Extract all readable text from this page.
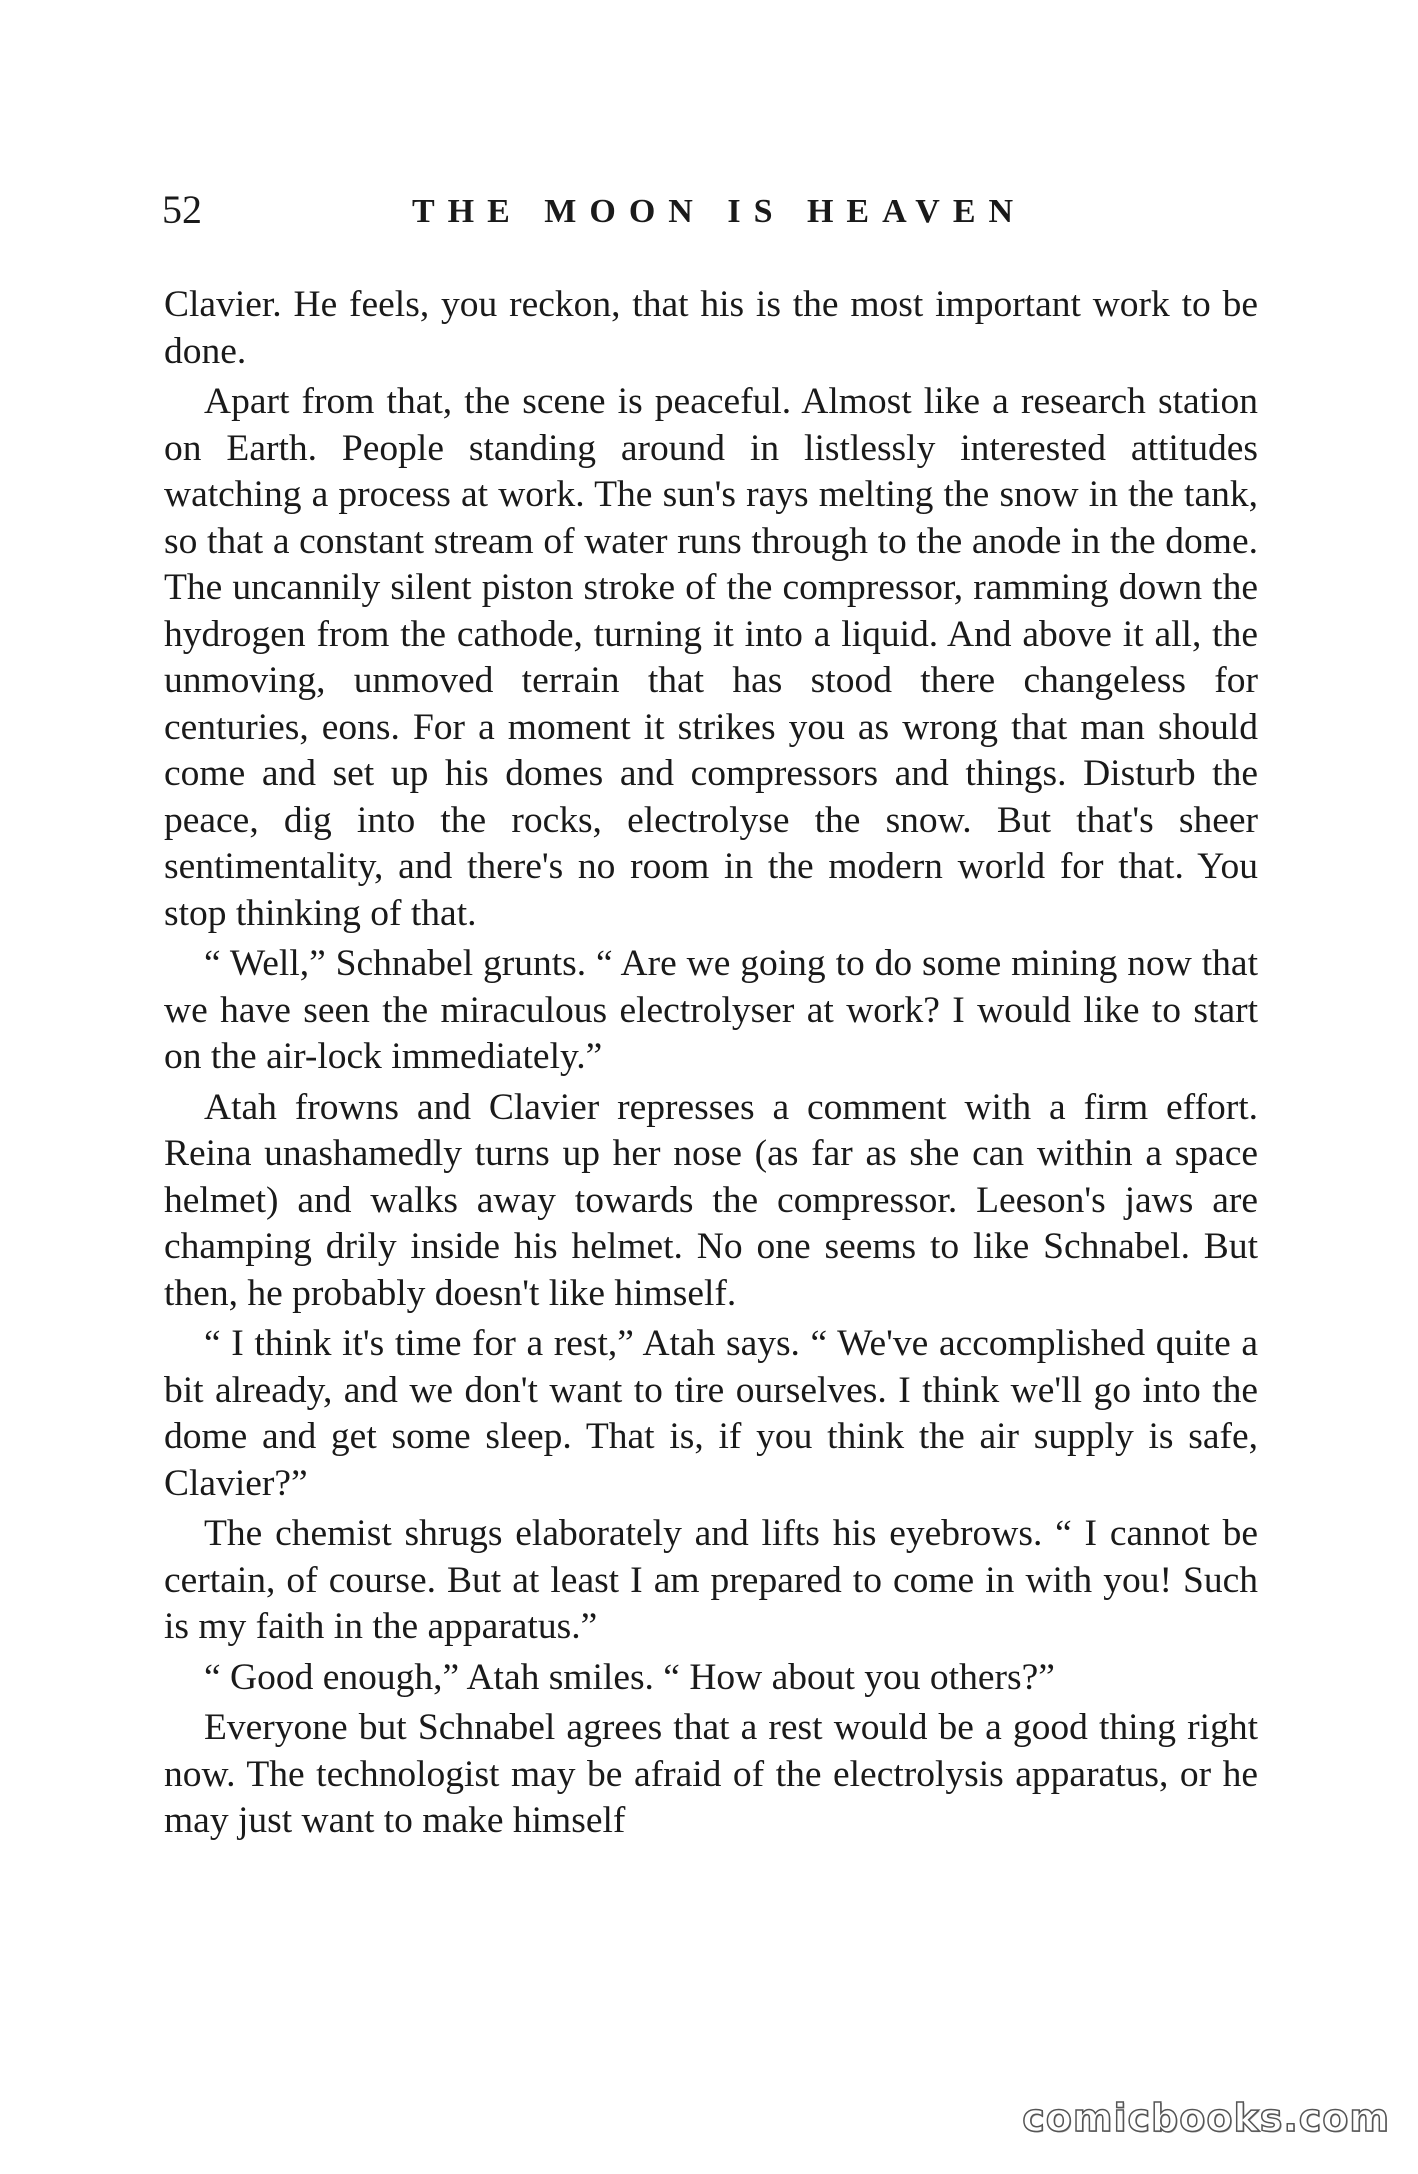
52	THE MOON IS HEAVEN

Clavier. He feels, you reckon, that his is the most important work to be done.

Apart from that, the scene is peaceful. Almost like a research station on Earth. People standing around in listlessly interested attitudes watching a process at work. The sun's rays melting the snow in the tank, so that a constant stream of water runs through to the anode in the dome. The uncannily silent piston stroke of the compressor, ramming down the hydrogen from the cathode, turning it into a liquid. And above it all, the unmoving, unmoved terrain that has stood there changeless for centuries, eons. For a moment it strikes you as wrong that man should come and set up his domes and compressors and things. Disturb the peace, dig into the rocks, electrolyse the snow. But that's sheer sentimentality, and there's no room in the modern world for that. You stop thinking of that.

“ Well,” Schnabel grunts. “ Are we going to do some mining now that we have seen the miraculous electrolyser at work? I would like to start on the air-lock immediately.”

Atah frowns and Clavier represses a comment with a firm effort. Reina unashamedly turns up her nose (as far as she can within a space helmet) and walks away towards the compressor. Leeson's jaws are champing drily inside his helmet. No one seems to like Schnabel. But then, he probably doesn't like himself.

“ I think it's time for a rest,” Atah says. “ We've accomplished quite a bit already, and we don't want to tire ourselves. I think we'll go into the dome and get some sleep. That is, if you think the air supply is safe, Clavier?”

The chemist shrugs elaborately and lifts his eyebrows. “ I cannot be certain, of course. But at least I am prepared to come in with you! Such is my faith in the apparatus.”

“ Good enough,” Atah smiles. “ How about you others?”

Everyone but Schnabel agrees that a rest would be a good thing right now. The technologist may be afraid of the electrolysis apparatus, or he may just want to make himself

comicbooks.com
